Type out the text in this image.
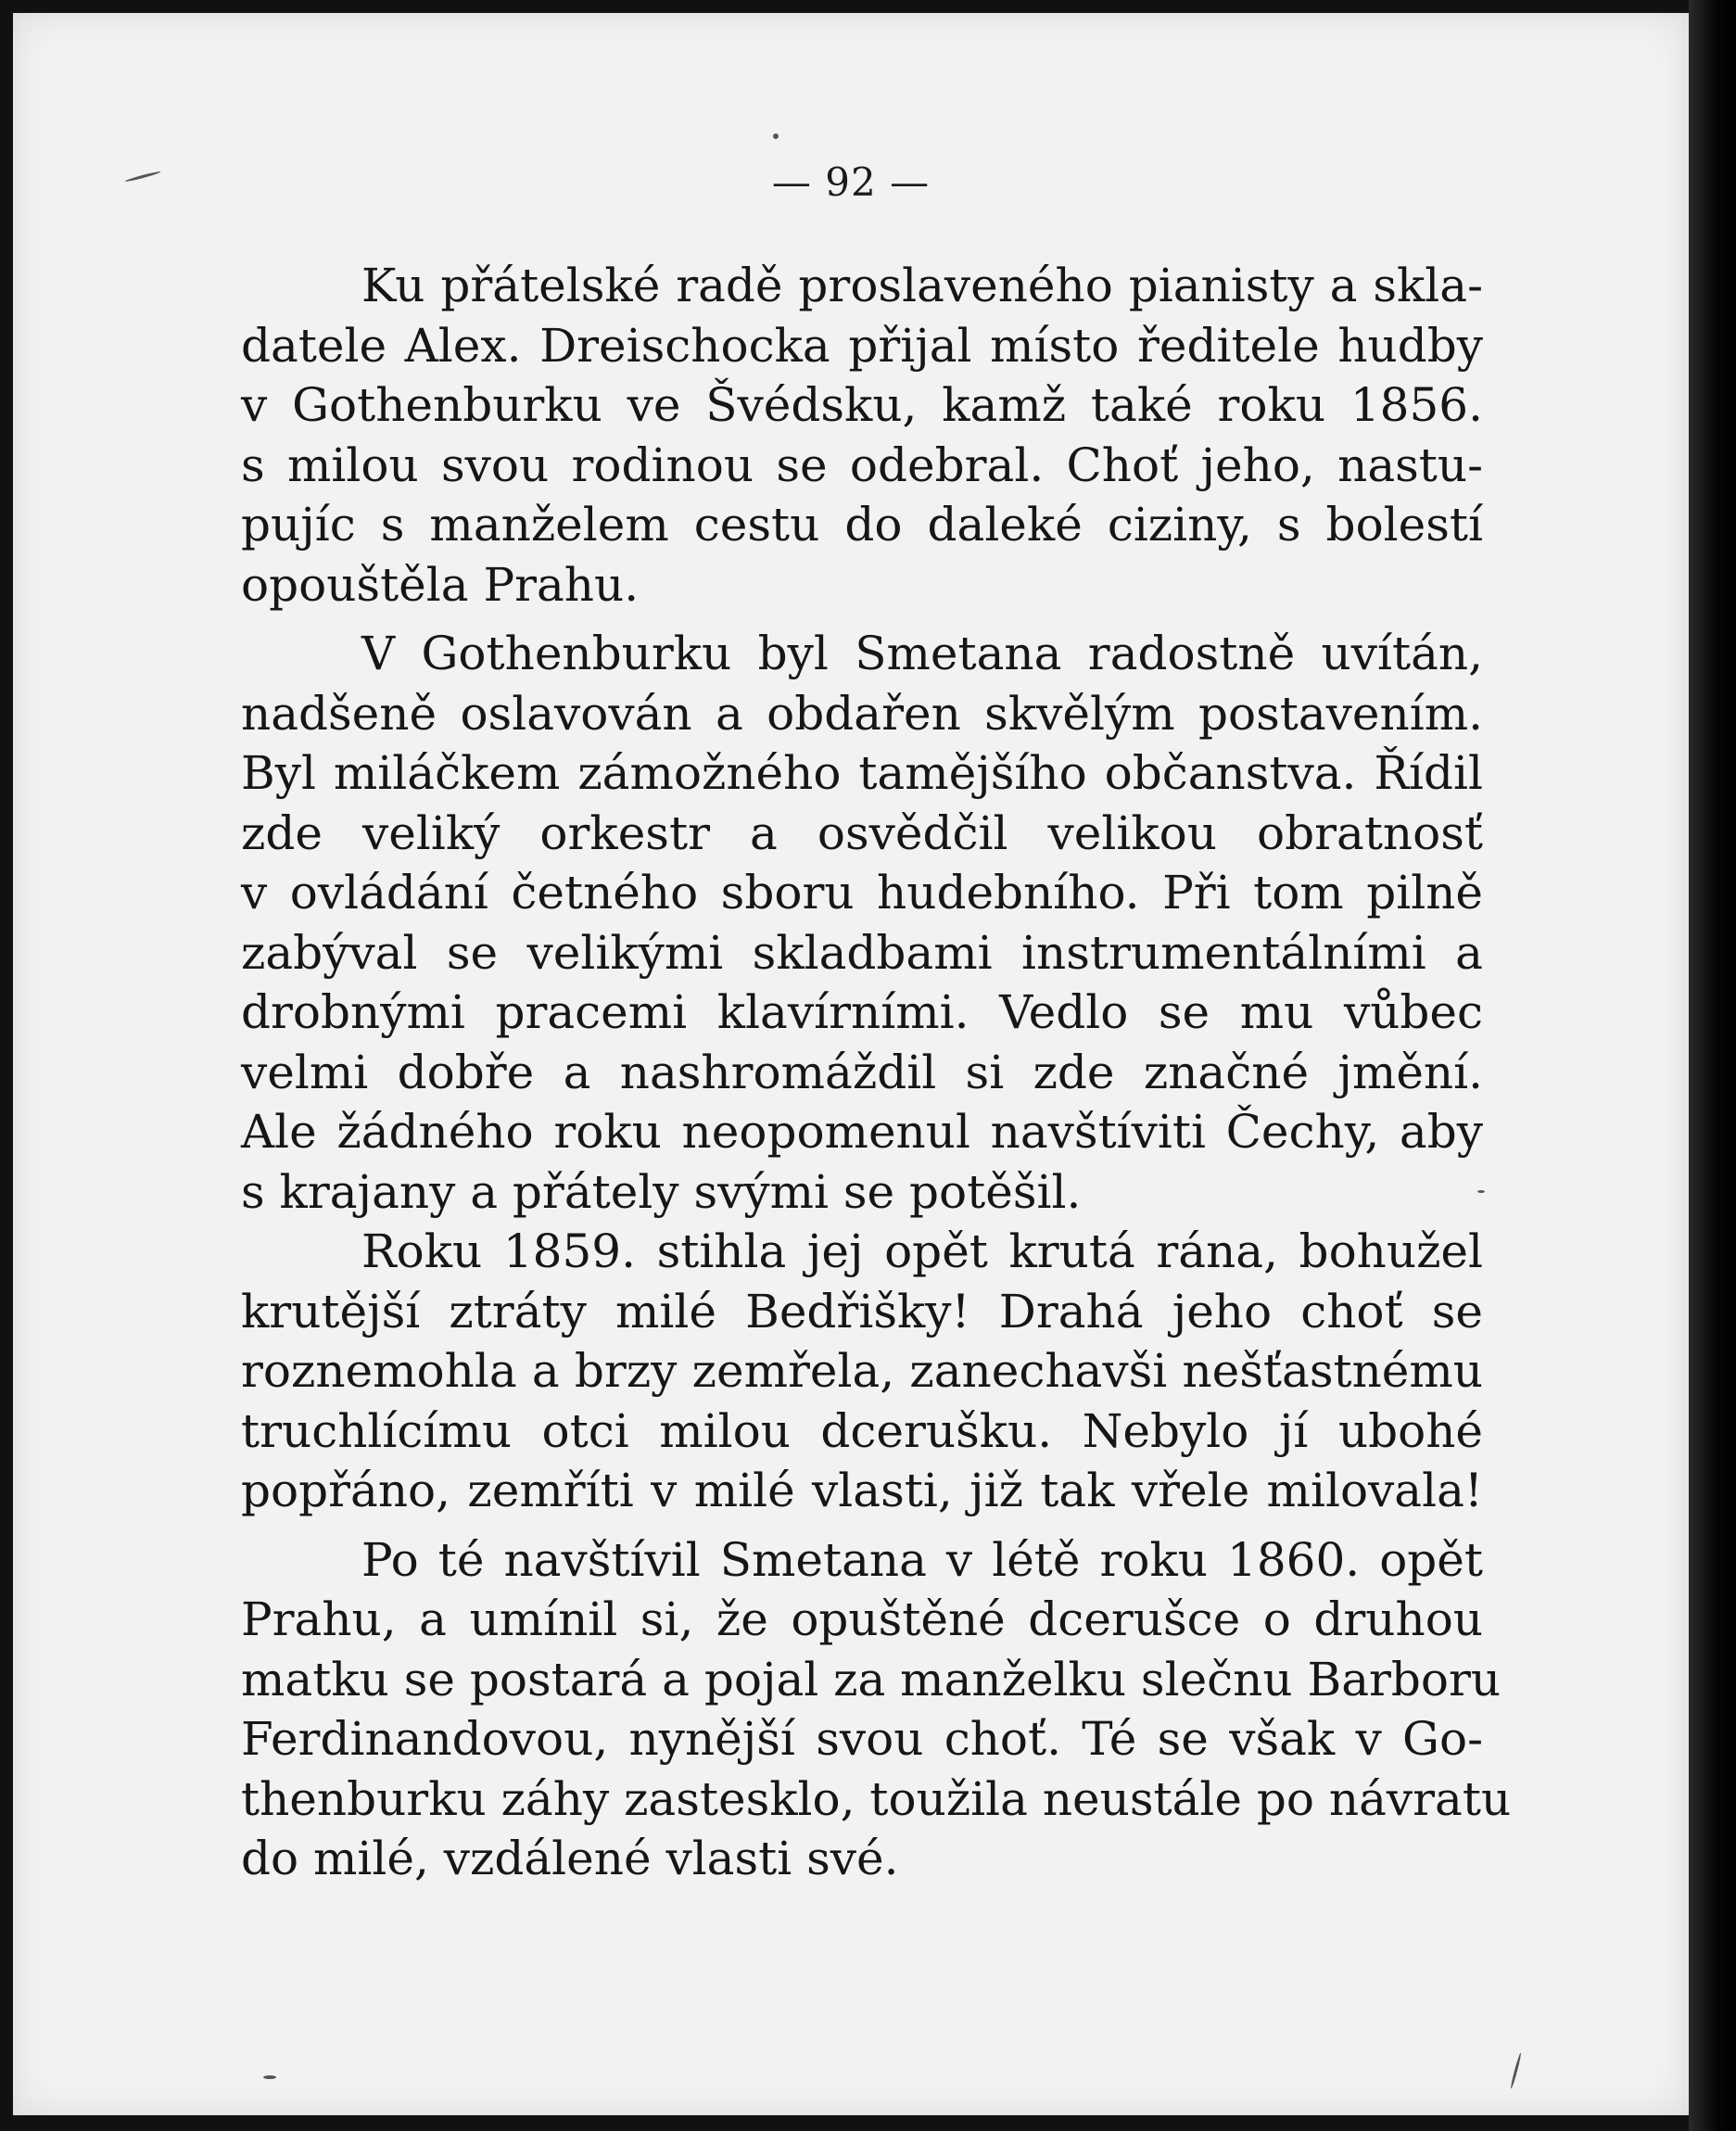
— 92 —
Ku přátelské radě proslaveného pianisty a skla-
datele Alex. Dreischocka přijal místo ředitele hudby
v Gothenburku ve Švédsku, kamž také roku 1856.
s milou svou rodinou se odebral. Choť jeho, nastu-
pujíc s manželem cestu do daleké ciziny, s bolestí
opouštěla Prahu.
V Gothenburku byl Smetana radostně uvítán,
nadšeně oslavován a obdařen skvělým postavením.
Byl miláčkem zámožného tamějšího občanstva. Řídil
zde veliký orkestr a osvědčil velikou obratnosť
v ovládání četného sboru hudebního. Při tom pilně
zabýval se velikými skladbami instrumentálními a
drobnými pracemi klavírními. Vedlo se mu vůbec
velmi dobře a nashromáždil si zde značné jmění.
Ale žádného roku neopomenul navštíviti Čechy, aby
s krajany a přátely svými se potěšil.
Roku 1859. stihla jej opět krutá rána, bohužel
krutější ztráty milé Bedřišky! Drahá jeho choť se
roznemohla a brzy zemřela, zanechavši nešťastnému
truchlícímu otci milou dcerušku. Nebylo jí ubohé
popřáno, zemříti v milé vlasti, již tak vřele milovala!
Po té navštívil Smetana v létě roku 1860. opět
Prahu, a umínil si, že opuštěné dcerušce o druhou
matku se postará a pojal za manželku slečnu Barboru
Ferdinandovou, nynější svou choť. Té se však v Go-
thenburku záhy zastesklo, toužila neustále po návratu
do milé, vzdálené vlasti své.
